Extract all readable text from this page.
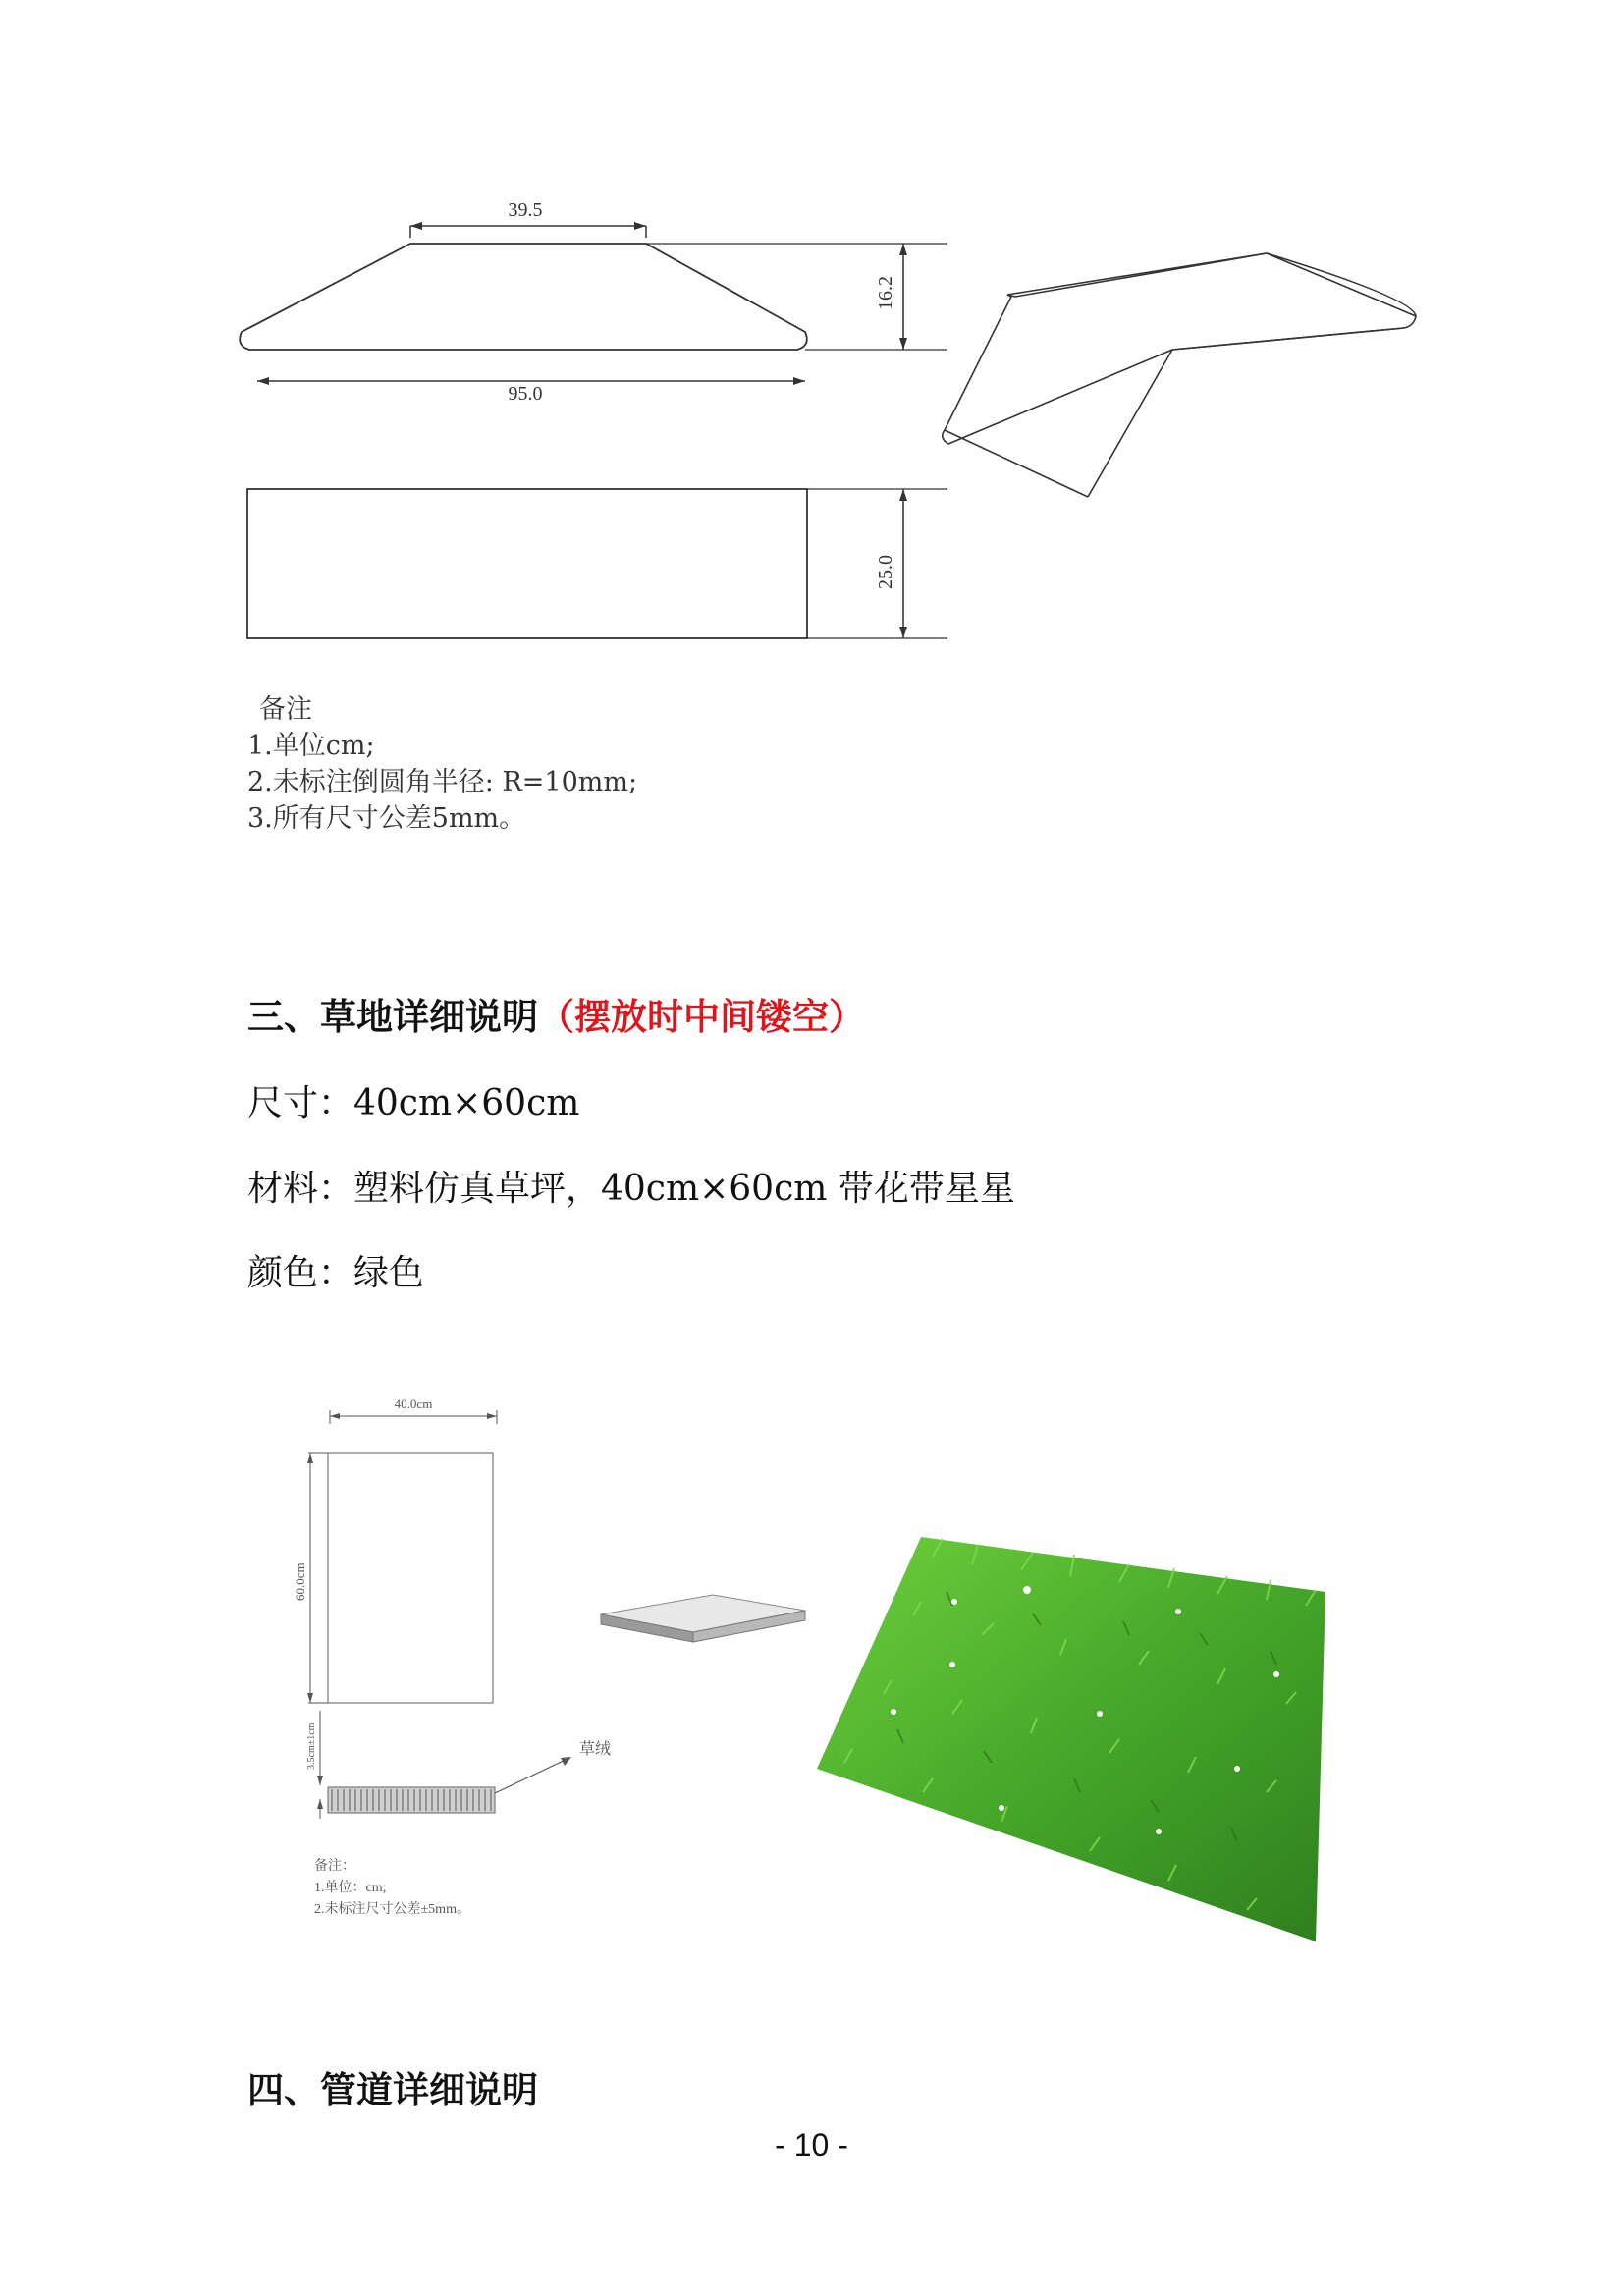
39.5
16.2
95.0
25.0
备注
1.单位cm;
2.未标注倒圆角半径: R=10mm;
3.所有尺寸公差5mm。
三、草地详细说明（摆放时中间镂空）
尺寸：40cm×60cm
材料：塑料仿真草坪，40cm×60cm 带花带星星
颜色：绿色
40.0cm
60.0cm
3.5cm±1cm	草绒
备注：
1.单位：cm;
2.未标注尺寸公差±5mm。
四、管道详细说明
- 10 -
